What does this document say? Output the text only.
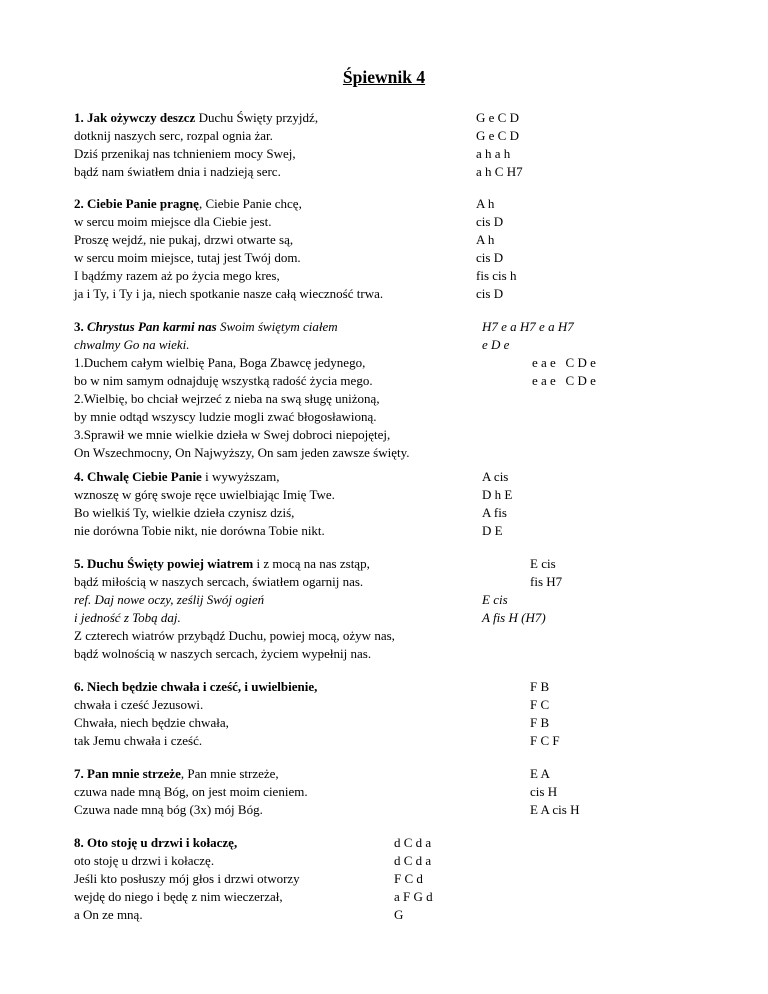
Śpiewnik 4
1. Jak ożywczy deszcz Duchu Święty przyjdź,
dotknij naszych serc, rozpal ognia żar.
Dziś przenikaj nas tchnieniem mocy Swej,
bądź nam światłem dnia i nadzieją serc.
G e C D
G e C D
a h a h
a h C H7
2. Ciebie Panie pragnę, Ciebie Panie chcę,
w sercu moim miejsce dla Ciebie jest.
Proszę wejdź, nie pukaj, drzwi otwarte są,
w sercu moim miejsce, tutaj jest Twój dom.
I bądźmy razem aż po życia mego kres,
ja i Ty, i Ty i ja, niech spotkanie nasze całą wieczność trwa.
A h
cis D
A h
cis D
fis cis h
cis D
3. Chrystus Pan karmi nas Swoim świętym ciałem
chwalmy Go na wieki.
1.Duchem całym wielbię Pana, Boga Zbawcę jedynego,
bo w nim samym odnajduję wszystką radość życia mego.
2.Wielbię, bo chciał wejrzeć z nieba na swą sługę uniżoną,
by mnie odtąd wszyscy ludzie mogli zwać błogosławioną.
3.Sprawił we mnie wielkie dzieła w Swej dobroci niepojętej,
On Wszechmocny, On Najwyższy, On sam jeden zawsze święty.
H7 e a H7 e a H7
e D e
e a e   C D e
e a e   C D e
4. Chwalę Ciebie Panie i wywyższam,
wznoszę w górę swoje ręce uwielbiając Imię Twe.
Bo wielkiś Ty, wielkie dzieła czynisz dziś,
nie dorówna Tobie nikt, nie dorówna Tobie nikt.
A cis
D h E
A fis
D E
5. Duchu Święty powiej wiatrem i z mocą na nas zstąp,
bądź miłością w naszych sercach, światłem ogarnij nas.
ref. Daj nowe oczy, ześlij Swój ogień
i jedność z Tobą daj.
Z czterech wiatrów przybądź Duchu, powiej mocą, ożyw nas,
bądź wolnością w naszych sercach, życiem wypełnij nas.
E cis
fis H7
E cis
A fis H (H7)
6. Niech będzie chwała i cześć, i uwielbienie,
chwała i cześć Jezusowi.
Chwała, niech będzie chwała,
tak Jemu chwała i cześć.
F B
F C
F B
F C F
7. Pan mnie strzeże, Pan mnie strzeże,
czuwa nade mną Bóg, on jest moim cieniem.
Czuwa nade mną bóg (3x) mój Bóg.
E A
cis H
E A cis H
8. Oto stoję u drzwi i kołaczę,
oto stoję u drzwi i kołaczę.
Jeśli kto posłuszy mój głos i drzwi otworzy
wejdę do niego i będę z nim wieczerzał,
a On ze mną.
d C d a
d C d a
F C d
a F G d
G
